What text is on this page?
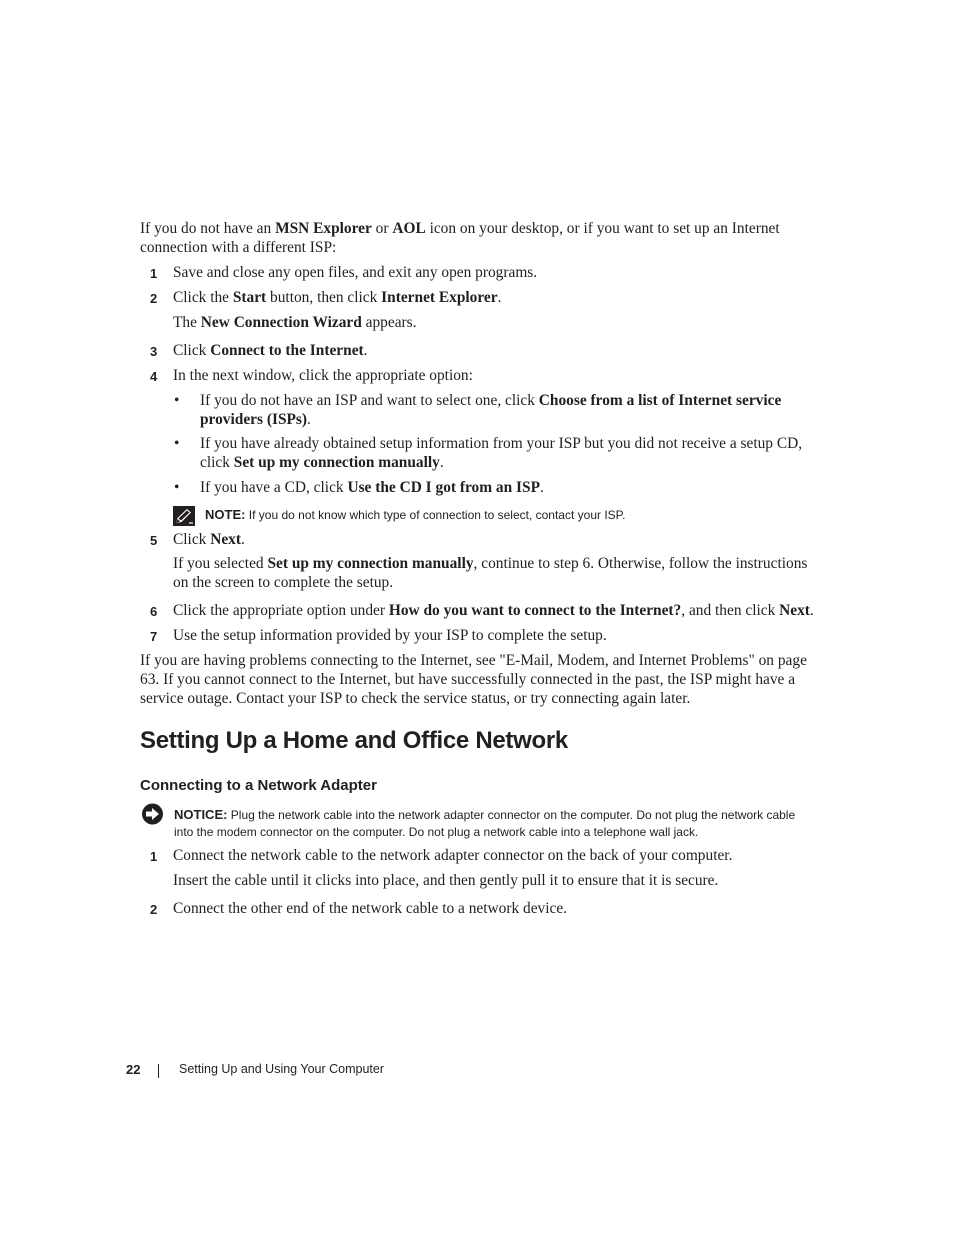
If you do not have an MSN Explorer or AOL icon on your desktop, or if you want to set up an Internet connection with a different ISP:
1 Save and close any open files, and exit any open programs.
2 Click the Start button, then click Internet Explorer.
The New Connection Wizard appears.
3 Click Connect to the Internet.
4 In the next window, click the appropriate option:
• If you do not have an ISP and want to select one, click Choose from a list of Internet service providers (ISPs).
• If you have already obtained setup information from your ISP but you did not receive a setup CD, click Set up my connection manually.
• If you have a CD, click Use the CD I got from an ISP.
NOTE: If you do not know which type of connection to select, contact your ISP.
5 Click Next.
If you selected Set up my connection manually, continue to step 6. Otherwise, follow the instructions on the screen to complete the setup.
6 Click the appropriate option under How do you want to connect to the Internet?, and then click Next.
7 Use the setup information provided by your ISP to complete the setup.
If you are having problems connecting to the Internet, see "E-Mail, Modem, and Internet Problems" on page 63. If you cannot connect to the Internet, but have successfully connected in the past, the ISP might have a service outage. Contact your ISP to check the service status, or try connecting again later.
Setting Up a Home and Office Network
Connecting to a Network Adapter
NOTICE: Plug the network cable into the network adapter connector on the computer. Do not plug the network cable into the modem connector on the computer. Do not plug a network cable into a telephone wall jack.
1 Connect the network cable to the network adapter connector on the back of your computer.
Insert the cable until it clicks into place, and then gently pull it to ensure that it is secure.
2 Connect the other end of the network cable to a network device.
22	Setting Up and Using Your Computer
